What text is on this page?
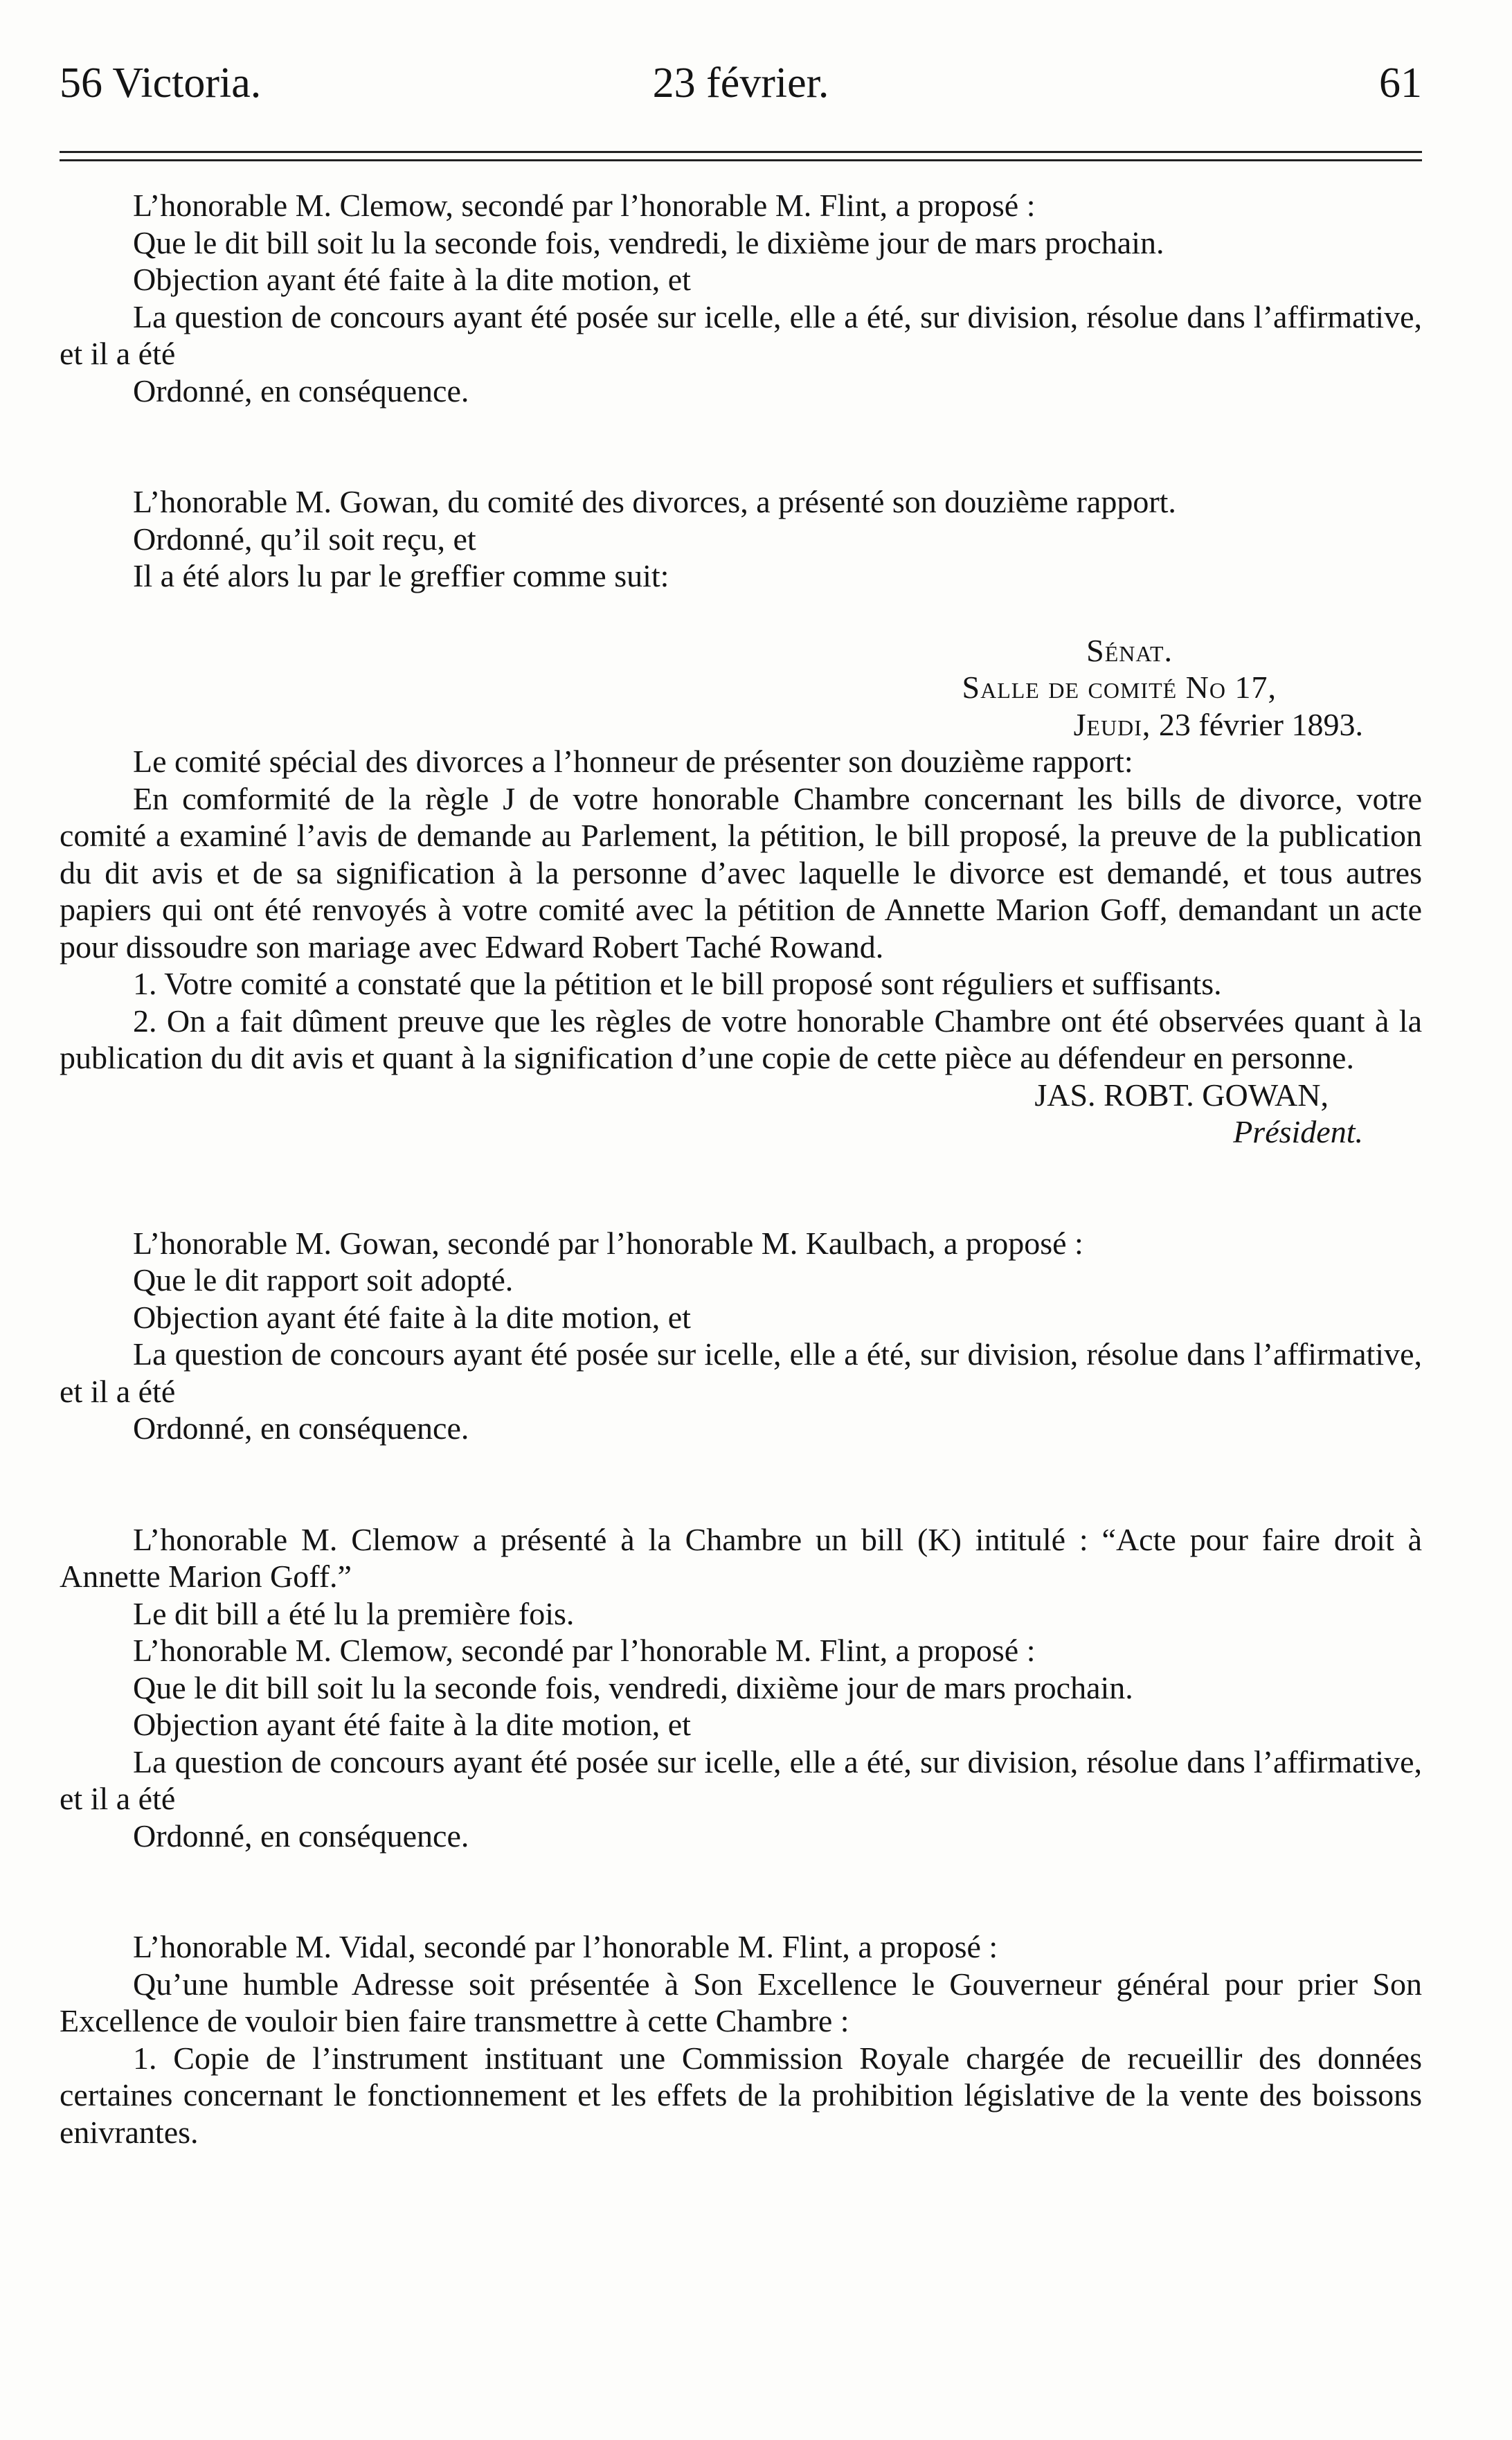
56 Victoria.	23 février.	61

L’honorable M. Clemow, secondé par l’honorable M. Flint, a proposé :

Que le dit bill soit lu la seconde fois, vendredi, le dixième jour de mars prochain.

Objection ayant été faite à la dite motion, et

La question de concours ayant été posée sur icelle, elle a été, sur division, résolue dans l’affirmative, et il a été

Ordonné, en conséquence.

L’honorable M. Gowan, du comité des divorces, a présenté son douzième rapport.

Ordonné, qu’il soit reçu, et

Il a été alors lu par le greffier comme suit:

Sénat.

Salle de comité No 17,

Jeudi, 23 février 1893.

Le comité spécial des divorces a l’honneur de présenter son douzième rapport:

En comformité de la règle J de votre honorable Chambre concernant les bills de divorce, votre comité a examiné l’avis de demande au Parlement, la pétition, le bill proposé, la preuve de la publication du dit avis et de sa signification à la personne d’avec laquelle le divorce est demandé, et tous autres papiers qui ont été renvoyés à votre comité avec la pétition de Annette Marion Goff, demandant un acte pour dissoudre son mariage avec Edward Robert Taché Rowand.

1. Votre comité a constaté que la pétition et le bill proposé sont réguliers et suffisants.

2. On a fait dûment preuve que les règles de votre honorable Chambre ont été observées quant à la publication du dit avis et quant à la signification d’une copie de cette pièce au défendeur en personne.

JAS. ROBT. GOWAN,

Président.

L’honorable M. Gowan, secondé par l’honorable M. Kaulbach, a proposé :

Que le dit rapport soit adopté.

Objection ayant été faite à la dite motion, et

La question de concours ayant été posée sur icelle, elle a été, sur division, résolue dans l’affirmative, et il a été

Ordonné, en conséquence.

L’honorable M. Clemow a présenté à la Chambre un bill (K) intitulé : “Acte pour faire droit à Annette Marion Goff.”

Le dit bill a été lu la première fois.

L’honorable M. Clemow, secondé par l’honorable M. Flint, a proposé :

Que le dit bill soit lu la seconde fois, vendredi, dixième jour de mars prochain.

Objection ayant été faite à la dite motion, et

La question de concours ayant été posée sur icelle, elle a été, sur division, résolue dans l’affirmative, et il a été

Ordonné, en conséquence.

L’honorable M. Vidal, secondé par l’honorable M. Flint, a proposé :

Qu’une humble Adresse soit présentée à Son Excellence le Gouverneur général pour prier Son Excellence de vouloir bien faire transmettre à cette Chambre :

1. Copie de l’instrument instituant une Commission Royale chargée de recueillir des données certaines concernant le fonctionnement et les effets de la prohibition législative de la vente des boissons enivrantes.
